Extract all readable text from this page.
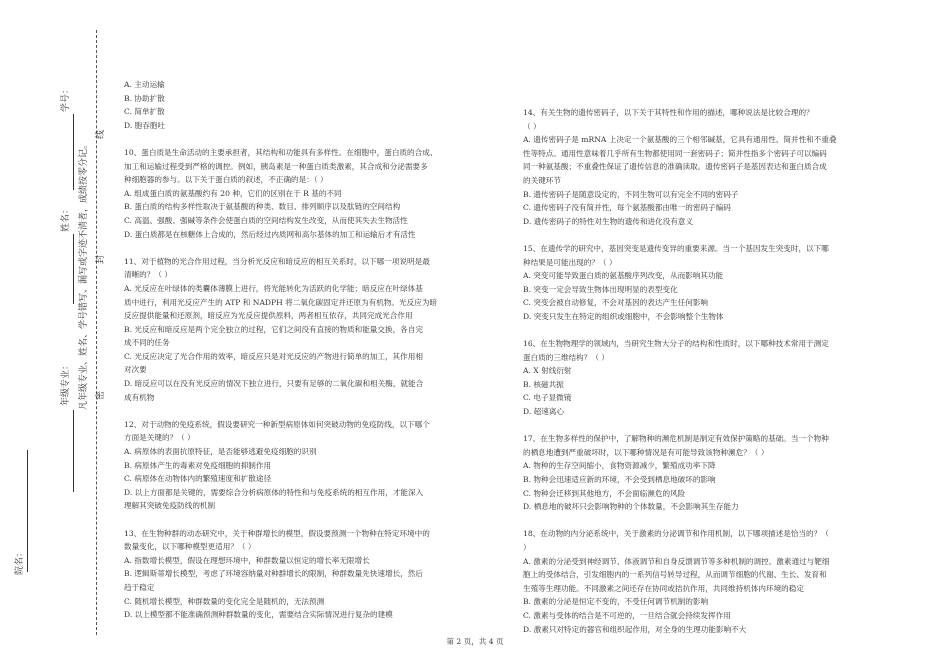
密
封
线
凡年级专业、姓名、学号错写、漏写或字迹不清者，成绩按零分记。
学号：
姓名：
年级专业：
院名：
A. 主动运输
B. 协助扩散
C. 简单扩散
D. 胞吞胞吐
10、蛋白质是生命活动的主要承担者，其结构和功能具有多样性。在细胞中，蛋白质的合成、
加工和运输过程受到严格的调控。例如，胰岛素是一种蛋白质类激素，其合成和分泌需要多
种细胞器的参与。以下关于蛋白质的叙述，不正确的是：（ ）
A. 组成蛋白质的氨基酸约有 20 种，它们的区别在于 R 基的不同
B. 蛋白质的结构多样性取决于氨基酸的种类、数目、排列顺序以及肽链的空间结构
C. 高温、强酸、强碱等条件会使蛋白质的空间结构发生改变，从而使其失去生物活性
D. 蛋白质都是在核糖体上合成的，然后经过内质网和高尔基体的加工和运输后才有活性
11、对于植物的光合作用过程，当分析光反应和暗反应的相互关系时，以下哪一项说明是最
清晰的？（ ）
A. 光反应在叶绿体的类囊体薄膜上进行，将光能转化为活跃的化学能；暗反应在叶绿体基
质中进行，利用光反应产生的 ATP 和 NADPH 将二氧化碳固定并还原为有机物。光反应为暗
反应提供能量和还原剂，暗反应为光反应提供原料，两者相互依存，共同完成光合作用
B. 光反应和暗反应是两个完全独立的过程，它们之间没有直接的物质和能量交换，各自完
成不同的任务
C. 光反应决定了光合作用的效率，暗反应只是对光反应的产物进行简单的加工，其作用相
对次要
D. 暗反应可以在没有光反应的情况下独立进行，只要有足够的二氧化碳和相关酶，就能合
成有机物
12、对于动物的免疫系统，假设要研究一种新型病原体如何突破动物的免疫防线，以下哪个
方面是关键的？（ ）
A. 病原体的表面抗原特征，是否能够逃避免疫细胞的识别
B. 病原体产生的毒素对免疫细胞的抑制作用
C. 病原体在动物体内的繁殖速度和扩散途径
D. 以上方面都是关键的，需要综合分析病原体的特性和与免疫系统的相互作用，才能深入
理解其突破免疫防线的机制
13、在生物种群的动态研究中，关于种群增长的模型，假设要预测一个物种在特定环境中的
数量变化，以下哪种模型更适用？（ ）
A. 指数增长模型，假设在理想环境中，种群数量以恒定的增长率无限增长
B. 逻辑斯蒂增长模型，考虑了环境容纳量对种群增长的限制，种群数量先快速增长，然后
趋于稳定
C. 随机增长模型，种群数量的变化完全是随机的，无法预测
D. 以上模型都不能准确预测种群数量的变化，需要结合实际情况进行复杂的建模
14、有关生物的遗传密码子，以下关于其特性和作用的描述，哪种说法是比较合理的？
（ ）
A. 遗传密码子是 mRNA 上决定一个氨基酸的三个相邻碱基，它具有通用性、简并性和不重叠
性等特点。通用性意味着几乎所有生物都使用同一套密码子；简并性指多个密码子可以编码
同一种氨基酸；不重叠性保证了遗传信息的准确读取。遗传密码子是基因表达和蛋白质合成
的关键环节
B. 遗传密码子是随意设定的，不同生物可以有完全不同的密码子
C. 遗传密码子没有简并性，每个氨基酸都由唯一的密码子编码
D. 遗传密码子的特性对生物的遗传和进化没有意义
15、在遗传学的研究中，基因突变是遗传变异的重要来源。当一个基因发生突变时，以下哪
种结果是可能出现的？（ ）
A. 突变可能导致蛋白质的氨基酸序列改变，从而影响其功能
B. 突变一定会导致生物体出现明显的表型变化
C. 突变会被自动修复，不会对基因的表达产生任何影响
D. 突变只发生在特定的组织或细胞中，不会影响整个生物体
16、在生物物理学的领域内，当研究生物大分子的结构和性质时，以下哪种技术常用于测定
蛋白质的三维结构？（ ）
A. X 射线衍射
B. 核磁共振
C. 电子显微镜
D. 超速离心
17、在生物多样性的保护中，了解物种的濒危机制是制定有效保护策略的基础。当一个物种
的栖息地遭到严重破坏时，以下哪种情况是有可能导致该物种濒危？（ ）
A. 物种的生存空间缩小，食物资源减少，繁殖成功率下降
B. 物种会迅速适应新的环境，不会受到栖息地破坏的影响
C. 物种会迁移到其他地方，不会面临濒危的风险
D. 栖息地的破坏只会影响物种的个体数量，不会影响其生存能力
18、在动物的内分泌系统中，关于激素的分泌调节和作用机制，以下哪项描述是恰当的？（
）
A. 激素的分泌受到神经调节、体液调节和自身反馈调节等多种机制的调控。激素通过与靶细
胞上的受体结合，引发细胞内的一系列信号转导过程，从而调节细胞的代谢、生长、发育和
生殖等生理功能。不同激素之间还存在协同或拮抗作用，共同维持机体内环境的稳定
B. 激素的分泌是恒定不变的，不受任何调节机制的影响
C. 激素与受体的结合是不可逆的，一旦结合就会持续发挥作用
D. 激素只对特定的器官和组织起作用，对全身的生理功能影响不大
第 2 页，共 4 页
